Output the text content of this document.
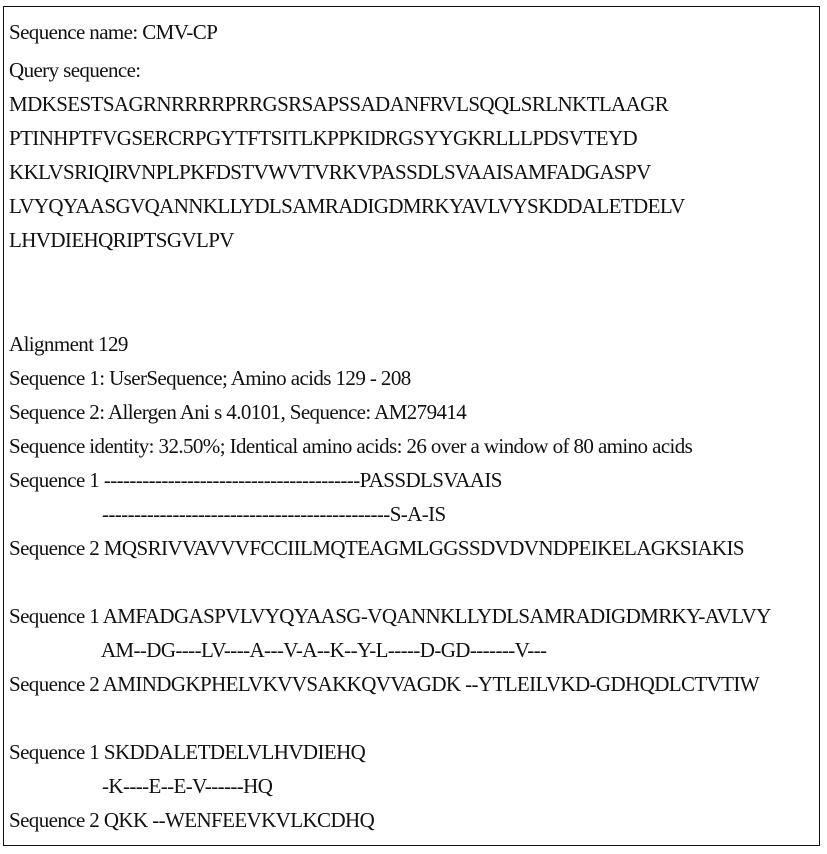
Sequence name: CMV-CP
Query sequence:
MDKSESTSAGRNRRRRPRRGSRSAPSSADANFRVLSQQLSRLNKTLAAGR
PTINHPTFVGSERCRPGYTFTSITLKPPKIDRGSYYGKRLLLPDSVTEYD
KKLVSRIQIRVNPLPKFDSTVWVTVRKVPASSDLSVAAISAMFADGASPV
LVYQYAASGVQANNKLLYDLSAMRADIGDMRKYAVLVYSKDDALETDELV
LHVDIEHQRIPTSGVLPV
Alignment 129
Sequence 1: UserSequence; Amino acids 129 - 208
Sequence 2: Allergen Ani s 4.0101, Sequence: AM279414
Sequence identity: 32.50%; Identical amino acids: 26 over a window of 80 amino acids
Sequence 1 ----------------------------------------PASSDLSVAAIS
---------------------------------------------S-A-IS
Sequence 2 MQSRIVVAVVVFCCIILMQTEAGMLGGSSDVDVNDPEIKELAGKSIAKIS
Sequence 1 AMFADGASPVLVYQYAASG-VQANNKLLYDLSAMRADIGDMRKY-AVLVY
AM--DG----LV----A---V-A--K--Y-L-----D-GD-------V---
Sequence 2 AMINDGKPHELVKVVSAKKQVVAGDK --YTLEILVKD-GDHQDLCTVTIW
Sequence 1 SKDDALETDELVLHVDIEHQ
-K----E--E-V------HQ
Sequence 2 QKK --WENFEEVKVLKCDHQ
